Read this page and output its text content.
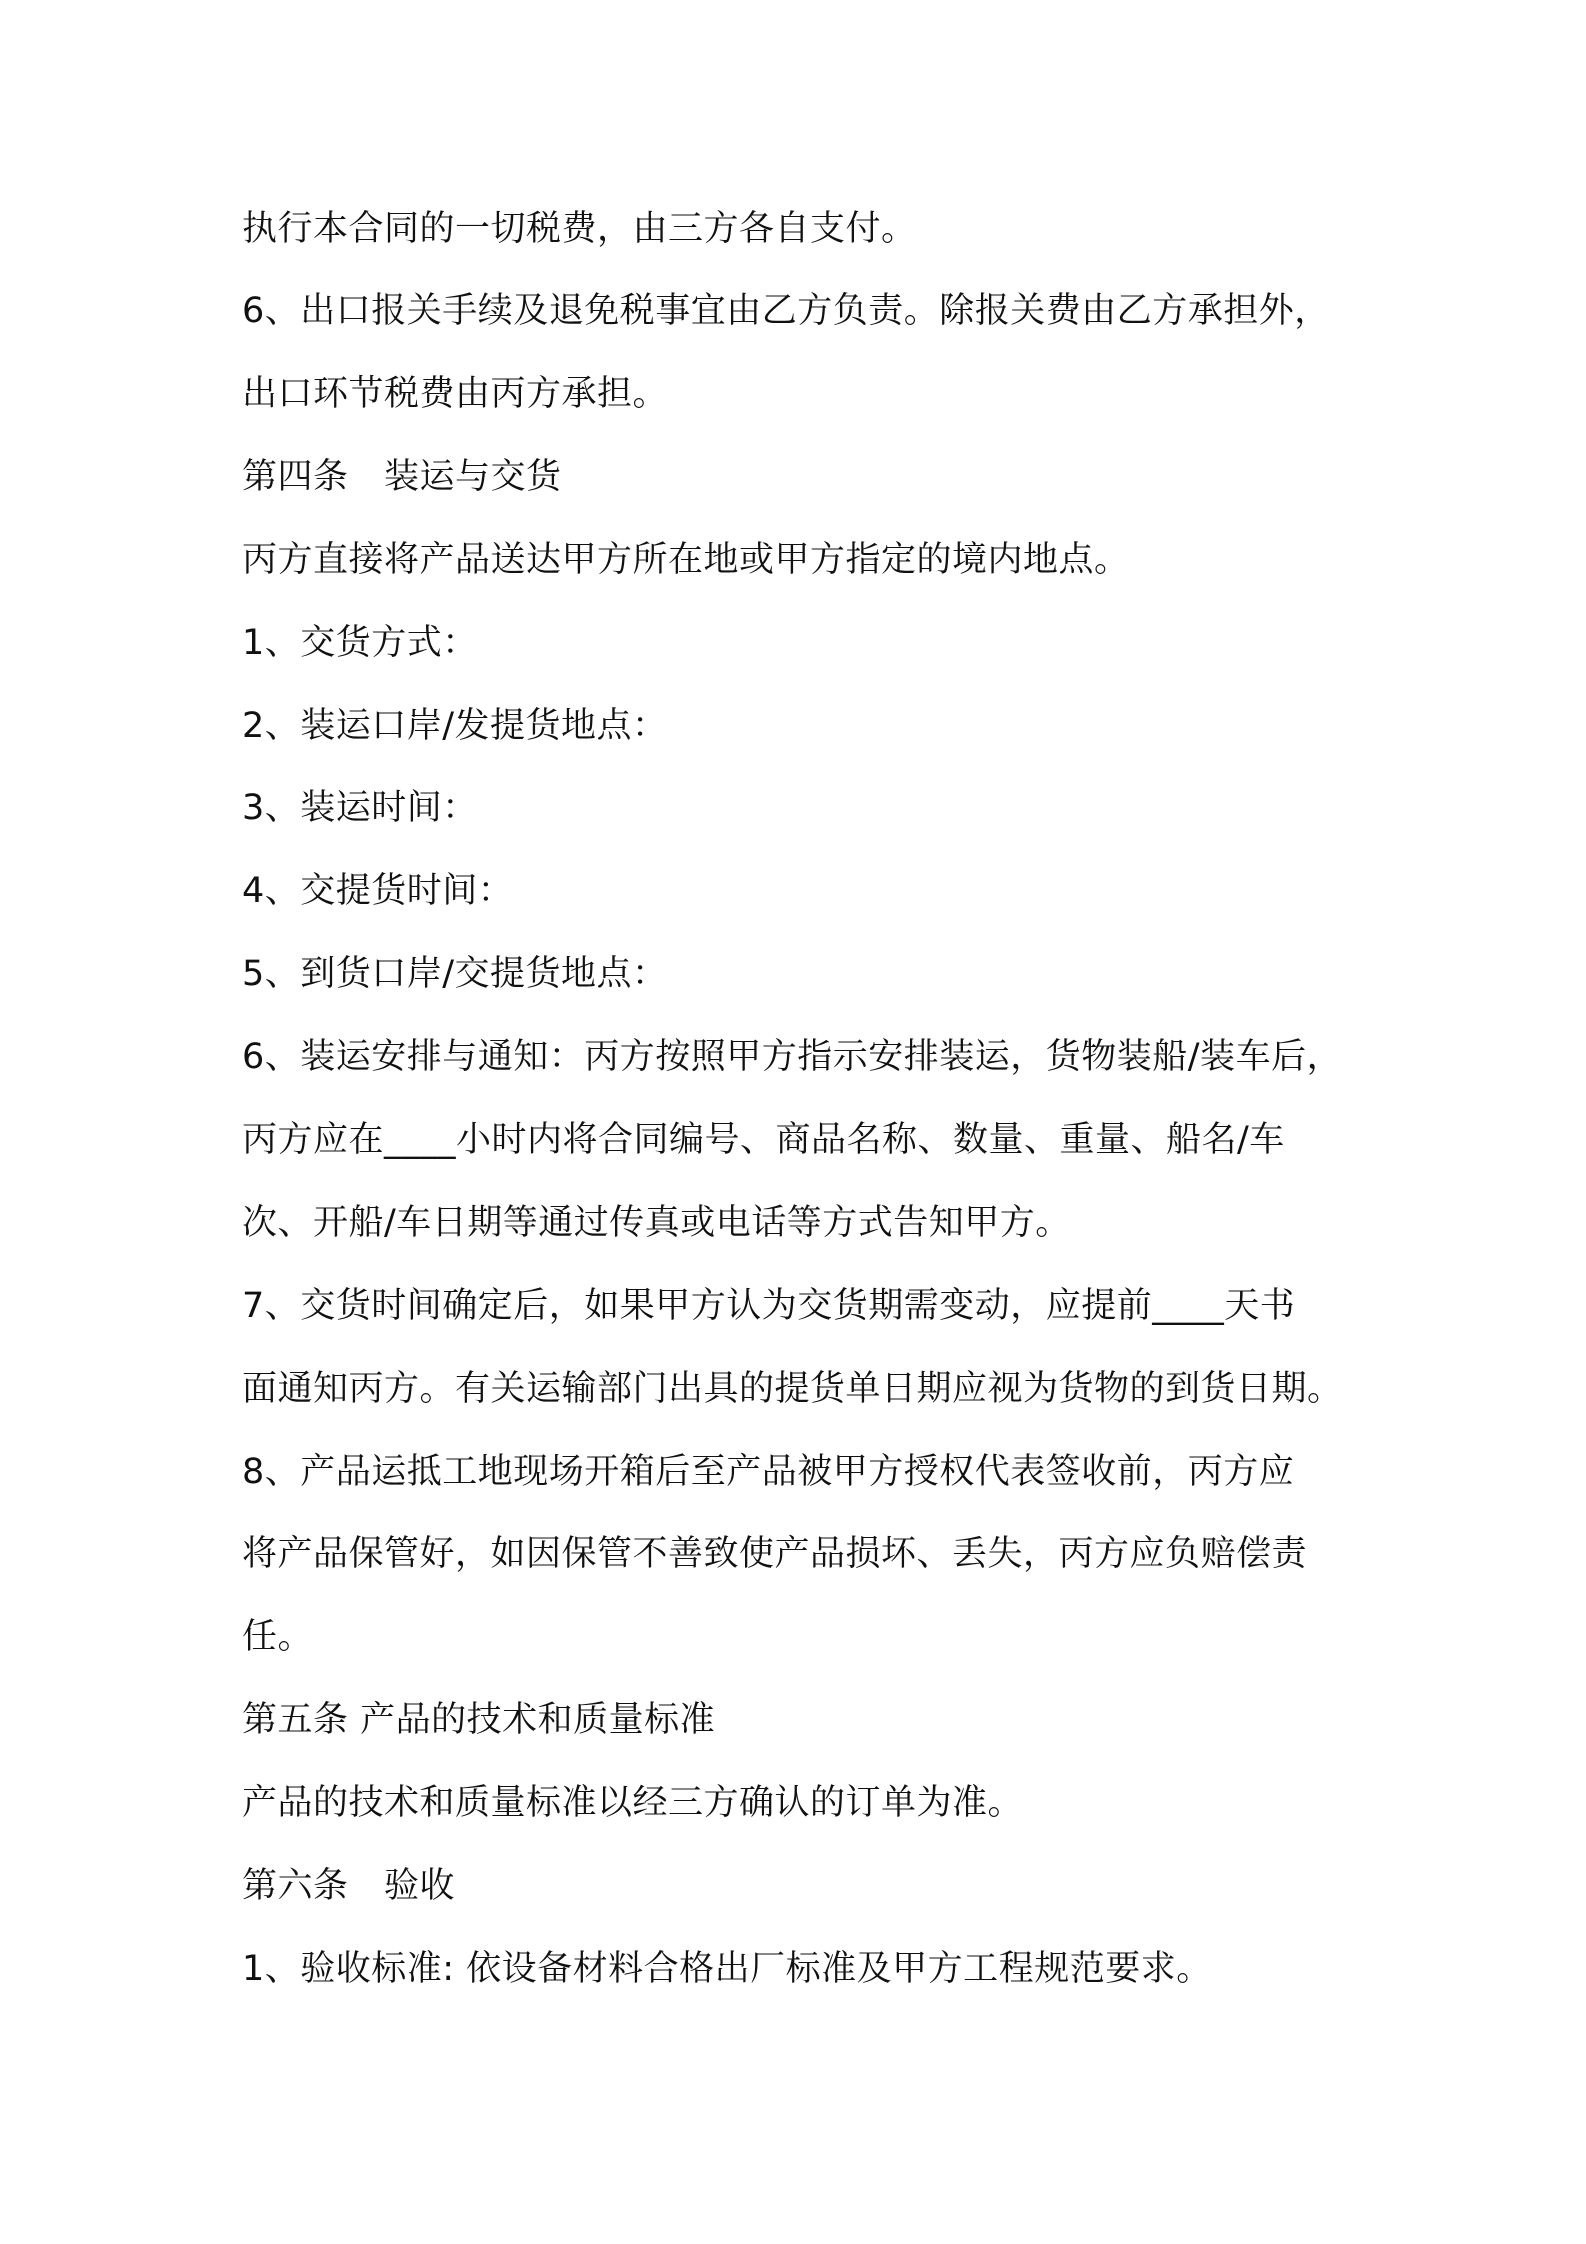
执行本合同的一切税费，由三方各自支付。
6、出口报关手续及退免税事宜由乙方负责。除报关费由乙方承担外，
出口环节税费由丙方承担。
第四条　装运与交货
丙方直接将产品送达甲方所在地或甲方指定的境内地点。
1、交货方式：
2、装运口岸/发提货地点：
3、装运时间：
4、交提货时间：
5、到货口岸/交提货地点：
6、装运安排与通知：丙方按照甲方指示安排装运，货物装船/装车后，
丙方应在____小时内将合同编号、商品名称、数量、重量、船名/车
次、开船/车日期等通过传真或电话等方式告知甲方。
7、交货时间确定后，如果甲方认为交货期需变动，应提前____天书
面通知丙方。有关运输部门出具的提货单日期应视为货物的到货日期。
8、产品运抵工地现场开箱后至产品被甲方授权代表签收前，丙方应
将产品保管好，如因保管不善致使产品损坏、丢失，丙方应负赔偿责
任。
第五条 产品的技术和质量标准
产品的技术和质量标准以经三方确认的订单为准。
第六条　验收
1、验收标准: 依设备材料合格出厂标准及甲方工程规范要求。
